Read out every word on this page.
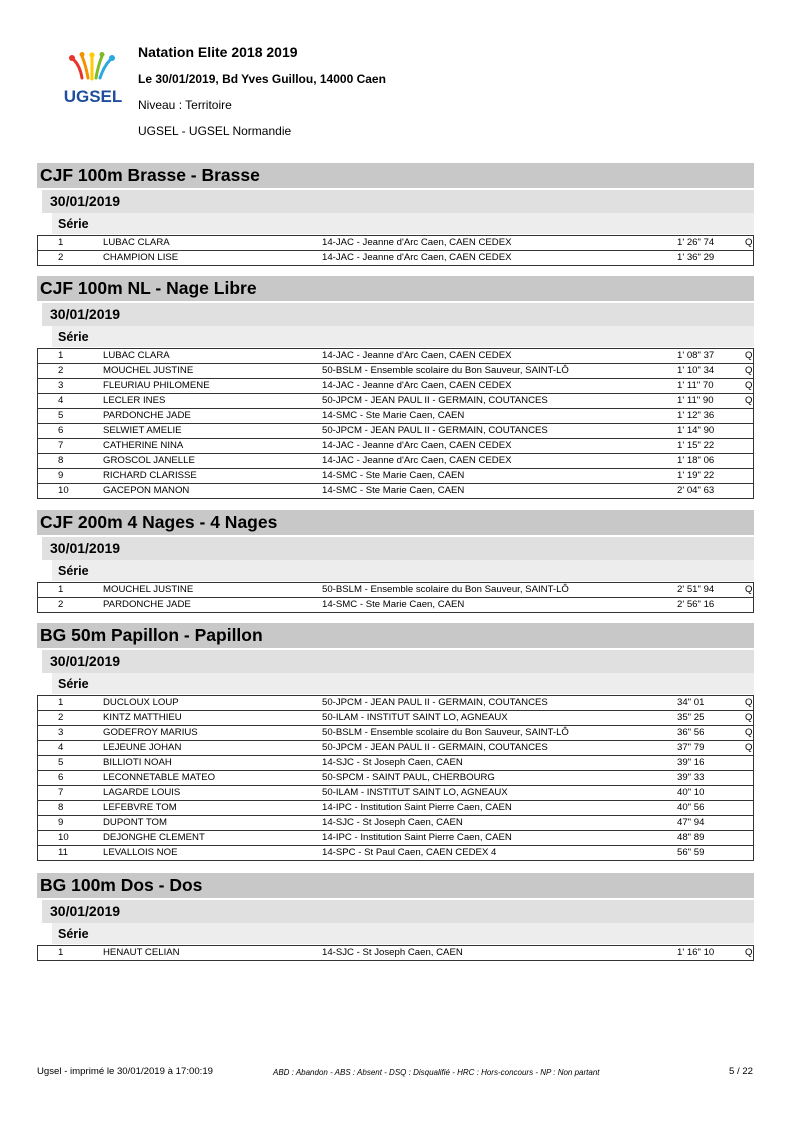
UGSEL
Natation Elite 2018 2019
Le 30/01/2019, Bd Yves Guillou, 14000 Caen
Niveau : Territoire
UGSEL - UGSEL Normandie
CJF 100m Brasse - Brasse
30/01/2019
Série
1	LUBAC CLARA	14-JAC - Jeanne d'Arc Caen, CAEN CEDEX	1' 26" 74	Q
2	CHAMPION LISE	14-JAC - Jeanne d'Arc Caen, CAEN CEDEX	1' 36" 29
CJF 100m NL - Nage Libre
30/01/2019
Série
1	LUBAC CLARA	14-JAC - Jeanne d'Arc Caen, CAEN CEDEX	1' 08" 37	Q
2	MOUCHEL JUSTINE	50-BSLM - Ensemble scolaire du Bon Sauveur, SAINT-LÔ	1' 10" 34	Q
3	FLEURIAU PHILOMENE	14-JAC - Jeanne d'Arc Caen, CAEN CEDEX	1' 11" 70	Q
4	LECLER INES	50-JPCM - JEAN PAUL II - GERMAIN, COUTANCES	1' 11" 90	Q
5	PARDONCHE JADE	14-SMC - Ste Marie Caen, CAEN	1' 12" 36
6	SELWIET AMELIE	50-JPCM - JEAN PAUL II - GERMAIN, COUTANCES	1' 14" 90
7	CATHERINE NINA	14-JAC - Jeanne d'Arc Caen, CAEN CEDEX	1' 15" 22
8	GROSCOL JANELLE	14-JAC - Jeanne d'Arc Caen, CAEN CEDEX	1' 18" 06
9	RICHARD CLARISSE	14-SMC - Ste Marie Caen, CAEN	1' 19" 22
10	GACEPON MANON	14-SMC - Ste Marie Caen, CAEN	2' 04" 63
CJF 200m 4 Nages - 4 Nages
30/01/2019
Série
1	MOUCHEL JUSTINE	50-BSLM - Ensemble scolaire du Bon Sauveur, SAINT-LÔ	2' 51" 94	Q
2	PARDONCHE JADE	14-SMC - Ste Marie Caen, CAEN	2' 56" 16
BG 50m Papillon - Papillon
30/01/2019
Série
1	DUCLOUX LOUP	50-JPCM - JEAN PAUL II - GERMAIN, COUTANCES	34" 01	Q
2	KINTZ MATTHIEU	50-ILAM - INSTITUT SAINT LO, AGNEAUX	35" 25	Q
3	GODEFROY MARIUS	50-BSLM - Ensemble scolaire du Bon Sauveur, SAINT-LÔ	36" 56	Q
4	LEJEUNE JOHAN	50-JPCM - JEAN PAUL II - GERMAIN, COUTANCES	37" 79	Q
5	BILLIOTI NOAH	14-SJC - St Joseph Caen, CAEN	39" 16
6	LECONNETABLE MATEO	50-SPCM - SAINT PAUL, CHERBOURG	39" 33
7	LAGARDE LOUIS	50-ILAM - INSTITUT SAINT LO, AGNEAUX	40" 10
8	LEFEBVRE TOM	14-IPC - Institution Saint Pierre Caen, CAEN	40" 56
9	DUPONT TOM	14-SJC - St Joseph Caen, CAEN	47" 94
10	DEJONGHE CLEMENT	14-IPC - Institution Saint Pierre Caen, CAEN	48" 89
11	LEVALLOIS NOE	14-SPC - St Paul Caen, CAEN CEDEX 4	56" 59
BG 100m Dos - Dos
30/01/2019
Série
1	HENAUT CELIAN	14-SJC - St Joseph Caen, CAEN	1' 16" 10	Q
Ugsel - imprimé le 30/01/2019 à 17:00:19	ABD : Abandon - ABS : Absent - DSQ : Disqualifié - HRC : Hors-concours - NP : Non partant	5 / 22
